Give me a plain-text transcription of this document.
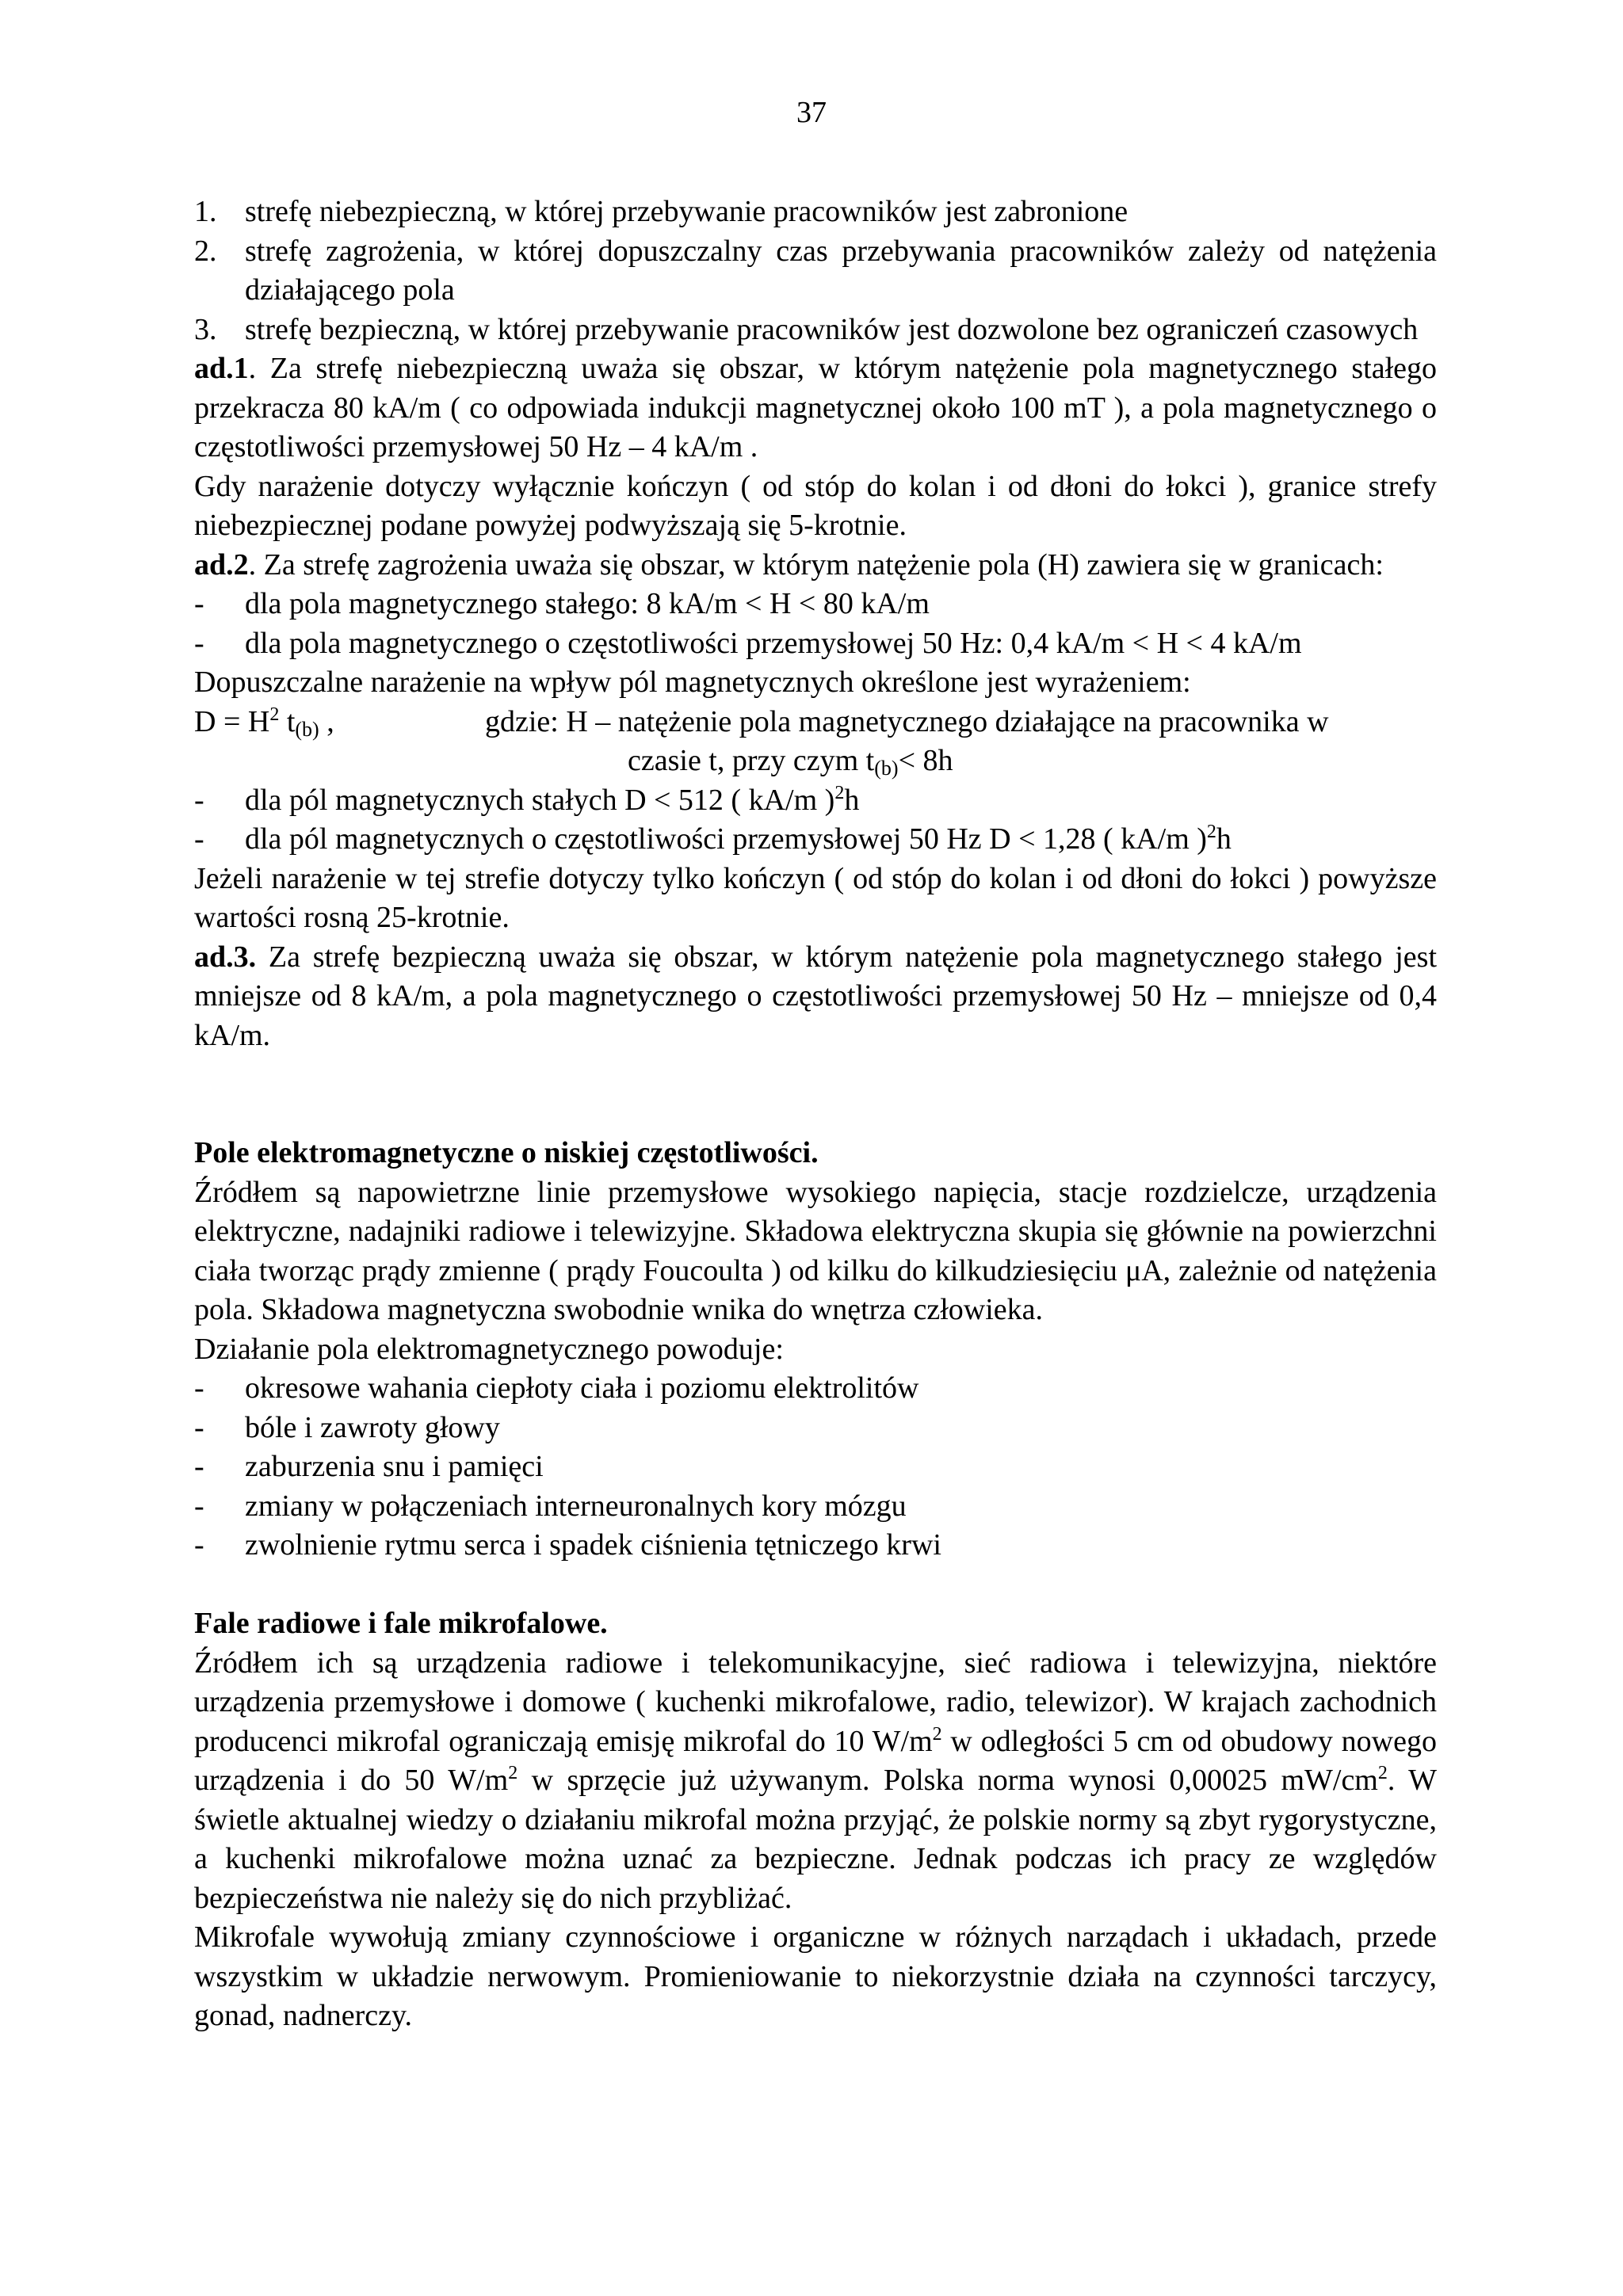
37

1. strefę niebezpieczną, w której przebywanie pracowników jest zabronione

2. strefę zagrożenia, w której dopuszczalny czas przebywania pracowników zależy od natężenia działającego pola

3. strefę bezpieczną, w której przebywanie pracowników jest dozwolone bez ograniczeń czasowych

ad.1. Za strefę niebezpieczną uważa się obszar, w którym natężenie pola magnetycznego stałego przekracza 80 kA/m ( co odpowiada indukcji magnetycznej około 100 mT ), a pola magnetycznego o częstotliwości przemysłowej 50 Hz – 4 kA/m .

Gdy narażenie dotyczy wyłącznie kończyn ( od stóp do kolan i od dłoni do łokci ), granice strefy niebezpiecznej podane powyżej podwyższają się 5-krotnie.

ad.2. Za strefę zagrożenia uważa się obszar, w którym natężenie pola (H) zawiera się w granicach:

- dla pola magnetycznego stałego: 8 kA/m < H < 80 kA/m

- dla pola magnetycznego o częstotliwości przemysłowej 50 Hz: 0,4 kA/m < H < 4 kA/m

Dopuszczalne narażenie na wpływ pól magnetycznych określone jest wyrażeniem:

$D = H^2$ $t_{(b)}$ ,	gdzie: H – natężenie pola magnetycznego działające na pracownika w

czasie t, przy czym $t_{(b)}< 8h$

- dla pól magnetycznych stałych D < 512 ( kA/m )$^2$h

- dla pól magnetycznych o częstotliwości przemysłowej 50 Hz D < 1,28 ( kA/m )$^2$h

Jeżeli narażenie w tej strefie dotyczy tylko kończyn ( od stóp do kolan i od dłoni do łokci ) powyższe wartości rosną 25-krotnie.

ad.3. Za strefę bezpieczną uważa się obszar, w którym natężenie pola magnetycznego stałego jest mniejsze od 8 kA/m, a pola magnetycznego o częstotliwości przemysłowej 50 Hz – mniejsze od 0,4 kA/m.

Pole elektromagnetyczne o niskiej częstotliwości.

Źródłem są napowietrzne linie przemysłowe wysokiego napięcia, stacje rozdzielcze, urządzenia elektryczne, nadajniki radiowe i telewizyjne. Składowa elektryczna skupia się głównie na powierzchni ciała tworząc prądy zmienne ( prądy Foucoulta ) od kilku do kilkudziesięciu μA, zależnie od natężenia pola. Składowa magnetyczna swobodnie wnika do wnętrza człowieka.

Działanie pola elektromagnetycznego powoduje:

- okresowe wahania ciepłoty ciała i poziomu elektrolitów

- bóle i zawroty głowy

- zaburzenia snu i pamięci

- zmiany w połączeniach interneuronalnych kory mózgu

- zwolnienie rytmu serca i spadek ciśnienia tętniczego krwi

Fale radiowe i fale mikrofalowe.

Źródłem ich są urządzenia radiowe i telekomunikacyjne, sieć radiowa i telewizyjna, niektóre urządzenia przemysłowe i domowe ( kuchenki mikrofalowe, radio, telewizor). W krajach zachodnich producenci mikrofal ograniczają emisję mikrofal do 10 $W/m^2$ w odległości 5 cm od obudowy nowego urządzenia i do 50 $W/m^2$ w sprzęcie już używanym. Polska norma wynosi 0,00025 $mW/cm^2$. W świetle aktualnej wiedzy o działaniu mikrofal można przyjąć, że polskie normy są zbyt rygorystyczne, a kuchenki mikrofalowe można uznać za bezpieczne. Jednak podczas ich pracy ze względów bezpieczeństwa nie należy się do nich przybliżać.

Mikrofale wywołują zmiany czynnościowe i organiczne w różnych narządach i układach, przede wszystkim w układzie nerwowym. Promieniowanie to niekorzystnie działa na czynności tarczycy, gonad, nadnerczy.
